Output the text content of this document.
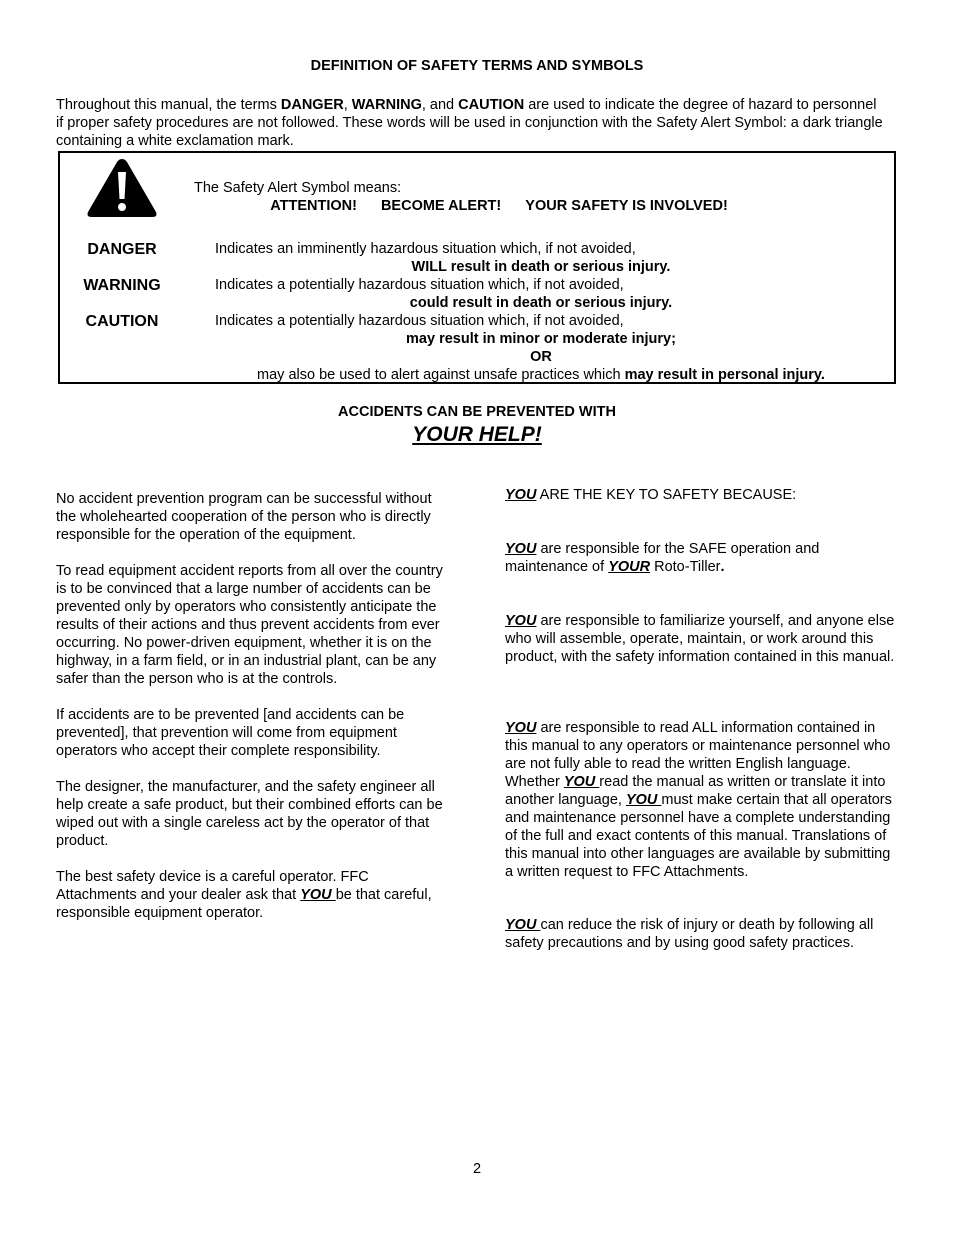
DEFINITION OF SAFETY TERMS AND SYMBOLS

Throughout this manual, the terms DANGER, WARNING, and CAUTION are used to indicate the degree of hazard to personnel if proper safety procedures are not followed. These words will be used in conjunction with the Safety Alert Symbol: a dark triangle containing a white exclamation mark.

The Safety Alert Symbol means:
ATTENTION! BECOME ALERT! YOUR SAFETY IS INVOLVED!
DANGER	Indicates an imminently hazardous situation which, if not avoided,
WILL result in death or serious injury.
WARNING	Indicates a potentially hazardous situation which, if not avoided,
could result in death or serious injury.
CAUTION	Indicates a potentially hazardous situation which, if not avoided,
may result in minor or moderate injury;
OR
may also be used to alert against unsafe practices which may result in personal injury.
ACCIDENTS CAN BE PREVENTED WITH
YOUR HELP!

No accident prevention program can be successful without the wholehearted cooperation of the person who is directly responsible for the operation of the equipment.

To read equipment accident reports from all over the country is to be convinced that a large number of accidents can be prevented only by operators who consistently anticipate the results of their actions and thus prevent accidents from ever occurring. No power-driven equipment, whether it is on the highway, in a farm field, or in an industrial plant, can be any safer than the person who is at the controls.

If accidents are to be prevented [and accidents can be prevented], that prevention will come from equipment operators who accept their complete responsibility.

The designer, the manufacturer, and the safety engineer all help create a safe product, but their combined efforts can be wiped out with a single careless act by the operator of that product.

The best safety device is a careful operator. FFC Attachments and your dealer ask that YOU be that careful, responsible equipment operator.

YOU ARE THE KEY TO SAFETY BECAUSE:

YOU are responsible for the SAFE operation and maintenance of YOUR Roto-Tiller.

YOU are responsible to familiarize yourself, and anyone else who will assemble, operate, maintain, or work around this product, with the safety information contained in this manual.

YOU are responsible to read ALL information contained in this manual to any operators or maintenance personnel who are not fully able to read the written English language. Whether YOU read the manual as written or translate it into another language, YOU must make certain that all operators and maintenance personnel have a complete understanding of the full and exact contents of this manual. Translations of this manual into other languages are available by submitting a written request to FFC Attachments.

YOU can reduce the risk of injury or death by following all safety precautions and by using good safety practices.

2
